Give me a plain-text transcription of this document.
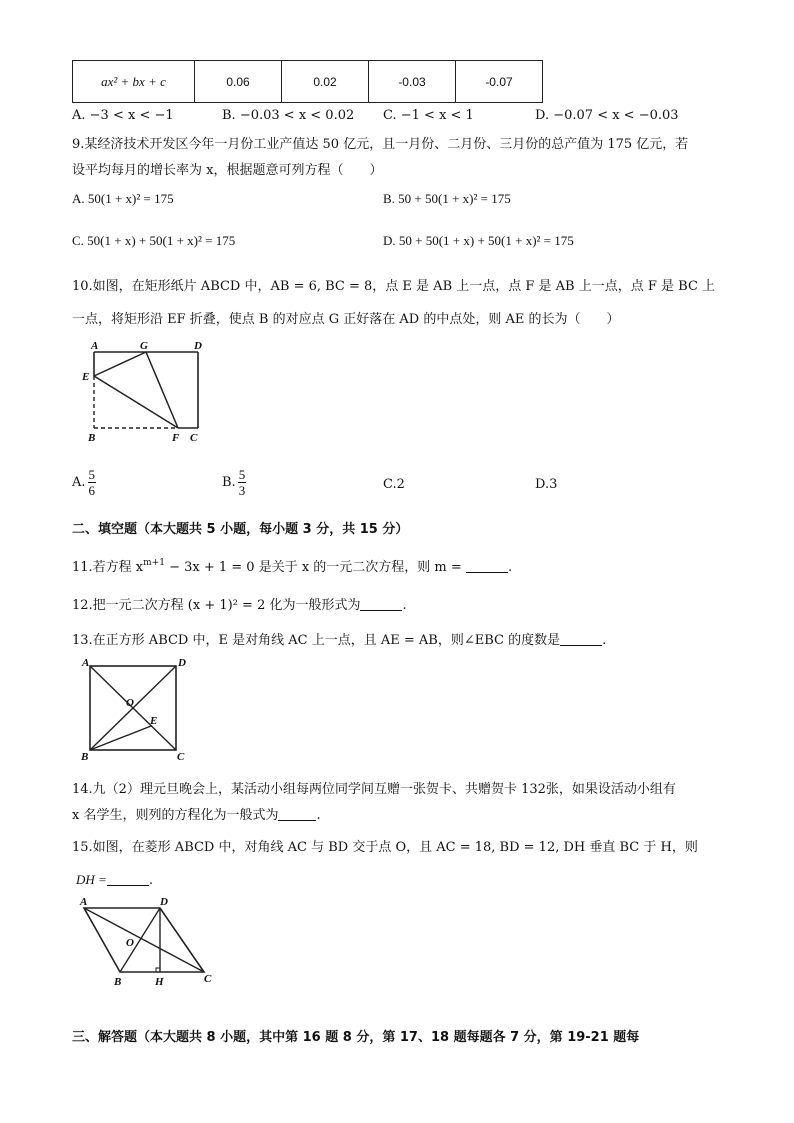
ax² + bx + c	0.06	0.02	-0.03	-0.07
A. −3 < x < −1	B. −0.03 < x < 0.02 C. −1 < x < 1	D. −0.07 < x < −0.03
9.某经济技术开发区今年一月份工业产值达 50 亿元，且一月份、二月份、三月份的总产值为 175 亿元，若
设平均每月的增长率为 x，根据题意可列方程（　　）
A. 50(1 + x)² = 175	B. 50 + 50(1 + x)² = 175
C. 50(1 + x) + 50(1 + x)² = 175	D. 50 + 50(1 + x) + 50(1 + x)² = 175
10.如图，在矩形纸片 ABCD 中，AB = 6, BC = 8，点 E 是 AB 上一点，点 F 是 AB 上一点，点 F 是 BC 上
一点，将矩形沿 EF 折叠，使点 B 的对应点 G 正好落在 AD 的中点处，则 AE 的长为（　　）
A	G	D
E
B	F C
A. $\frac{5}{6}$	B. $\frac{5}{3}$	C.2	D.3
二、填空题（本大题共 5 小题，每小题 3 分，共 15 分）
11.若方程 $x^{m+1} - 3x + 1 = 0$ 是关于 x 的一元二次方程，则 m =	.
12.把一元二次方程 (x + 1)² = 2 化为一般形式为	.
13.在正方形 ABCD 中，E 是对角线 AC 上一点，且 AE = AB，则∠EBC 的度数是	.
A	D
O
E
B	C
14.九（2）理元旦晚会上，某活动小组每两位同学间互赠一张贺卡、共赠贺卡 132张，如果设活动小组有
x 名学生，则列的方程化为一般式为	.
15.如图，在菱形 ABCD 中，对角线 AC 与 BD 交于点 O，且 AC = 18, BD = 12, DH 垂直 BC 于 H，则
DH =	.
A	D
O
B	H	C
三、解答题（本大题共 8 小题，其中第 16 题 8 分，第 17、18 题每题各 7 分，第 19-21 题每
